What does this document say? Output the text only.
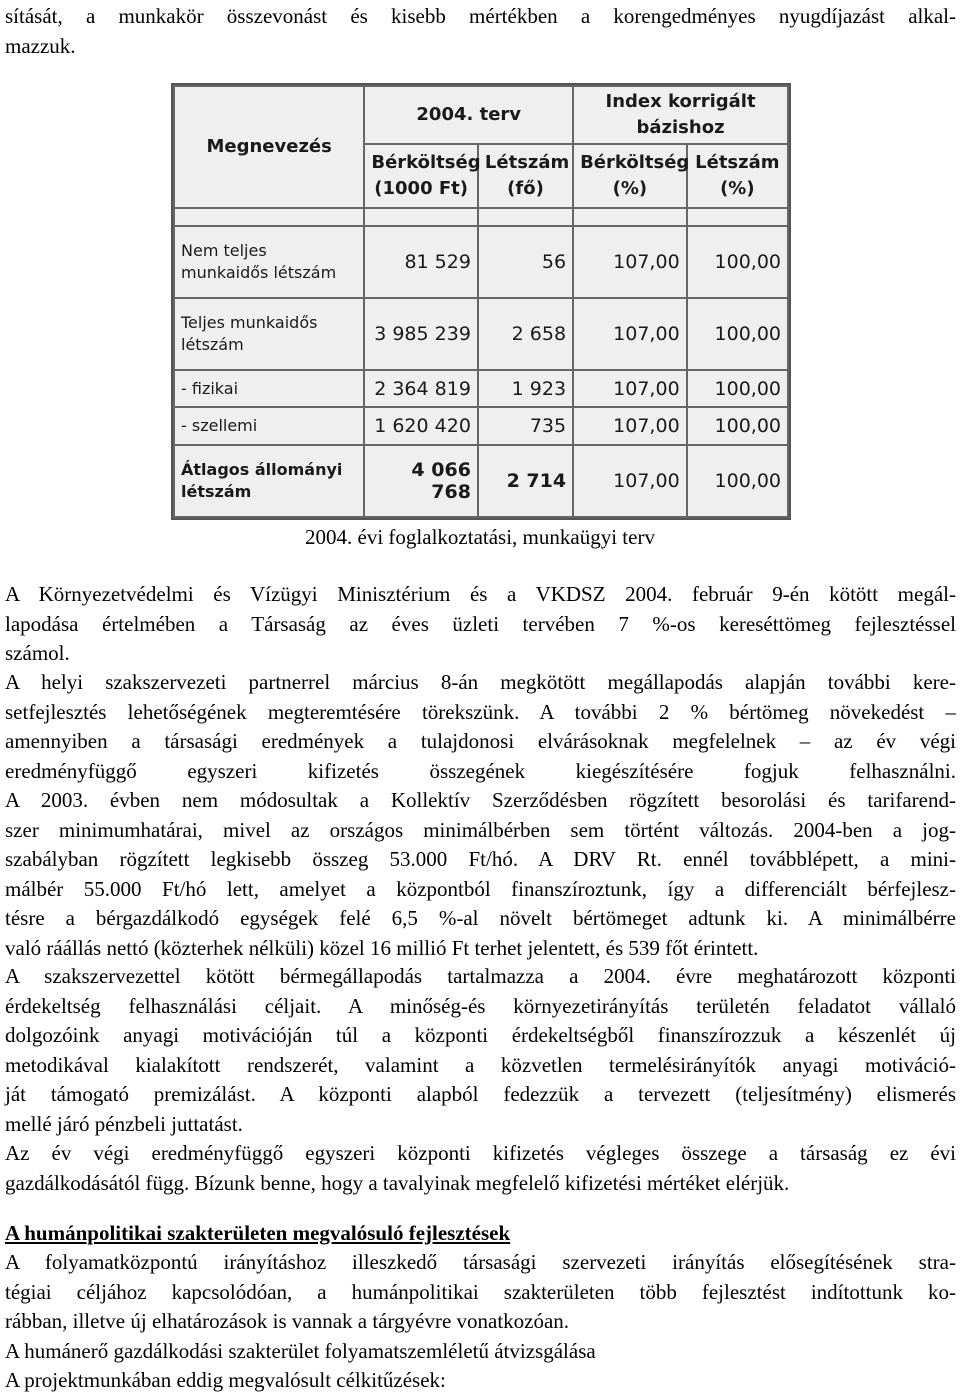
sítását, a munkakör összevonást és kisebb mértékben a korengedményes nyugdíjazást alkal-
mazzuk.
Megnevezés	2004. terv		Index korrigált bázishoz	
	Bérköltség (1000 Ft)	Létszám (fő)	Bérköltség (%)	Létszám (%)

Nem teljes munkaidős létszám	81 529	56	107,00	100,00
Teljes munkaidős létszám	3 985 239	2 658	107,00	100,00
- fizikai	2 364 819	1 923	107,00	100,00
- szellemi	1 620 420	735	107,00	100,00
Átlagos állományi létszám	4 066 768	2 714	107,00	100,00
2004. évi foglalkoztatási, munkaügyi terv
A Környezetvédelmi és Vízügyi Minisztérium és a VKDSZ 2004. február 9-én kötött megál-
lapodása értelmében a Társaság az éves üzleti tervében 7 %-os kereséttömeg fejlesztéssel
számol.
A helyi szakszervezeti partnerrel március 8-án megkötött megállapodás alapján további kere-
setfejlesztés lehetőségének megteremtésére törekszünk. A további 2 % bértömeg növekedést –
amennyiben a társasági eredmények a tulajdonosi elvárásoknak megfelelnek – az év végi
eredményfüggő egyszeri kifizetés összegének kiegészítésére fogjuk felhasználni.
A 2003. évben nem módosultak a Kollektív Szerződésben rögzített besorolási és tarifarend-
szer minimumhatárai, mivel az országos minimálbérben sem történt változás. 2004-ben a jog-
szabályban rögzített legkisebb összeg 53.000 Ft/hó. A DRV Rt. ennél továbblépett, a mini-
málbér 55.000 Ft/hó lett, amelyet a központból finanszíroztunk, így a differenciált bérfejlesz-
tésre a bérgazdálkodó egységek felé 6,5 %-al növelt bértömeget adtunk ki. A minimálbérre
való ráállás nettó (közterhek nélküli) közel 16 millió Ft terhet jelentett, és 539 főt érintett.
A szakszervezettel kötött bérmegállapodás tartalmazza a 2004. évre meghatározott központi
érdekeltség felhasználási céljait. A minőség-és környezetirányítás területén feladatot vállaló
dolgozóink anyagi motivációján túl a központi érdekeltségből finanszírozzuk a készenlét új
metodikával kialakított rendszerét, valamint a közvetlen termelésirányítók anyagi motiváció-
ját támogató premizálást. A központi alapból fedezzük a tervezett (teljesítmény) elismerés
mellé járó pénzbeli juttatást.
Az év végi eredményfüggő egyszeri központi kifizetés végleges összege a társaság ez évi
gazdálkodásától függ. Bízunk benne, hogy a tavalyinak megfelelő kifizetési mértéket elérjük.
A humánpolitikai szakterületen megvalósuló fejlesztések
A folyamatközpontú irányításhoz illeszkedő társasági szervezeti irányítás elősegítésének stra-
tégiai céljához kapcsolódóan, a humánpolitikai szakterületen több fejlesztést indítottunk ko-
rábban, illetve új elhatározások is vannak a tárgyévre vonatkozóan.
A humánerő gazdálkodási szakterület folyamatszemléletű átvizsgálása
A projektmunkában eddig megvalósult célkitűzések:
